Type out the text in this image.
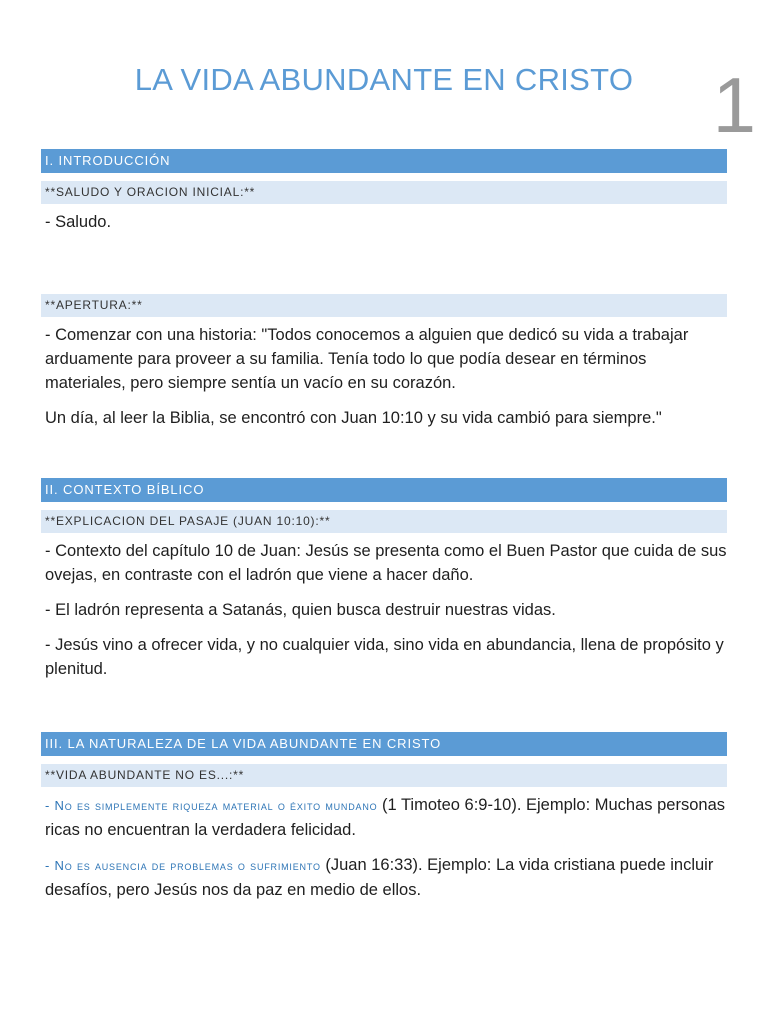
LA VIDA ABUNDANTE EN CRISTO	1
I. INTRODUCCIÓN
**SALUDO Y ORACION INICIAL:**

- Saludo.

**APERTURA:**

- Comenzar con una historia: "Todos conocemos a alguien que dedicó su vida a trabajar arduamente para proveer a su familia. Tenía todo lo que podía desear en términos materiales, pero siempre sentía un vacío en su corazón.

Un día, al leer la Biblia, se encontró con Juan 10:10 y su vida cambió para siempre."

II. CONTEXTO BÍBLICO
**EXPLICACION DEL PASAJE (JUAN 10:10):**

- Contexto del capítulo 10 de Juan: Jesús se presenta como el Buen Pastor que cuida de sus ovejas, en contraste con el ladrón que viene a hacer daño.

- El ladrón representa a Satanás, quien busca destruir nuestras vidas.

- Jesús vino a ofrecer vida, y no cualquier vida, sino vida en abundancia, llena de propósito y plenitud.

III. LA NATURALEZA DE LA VIDA ABUNDANTE EN CRISTO
**VIDA ABUNDANTE NO ES...:**

- No es simplemente riqueza material o éxito mundano (1 Timoteo 6:9-10). Ejemplo: Muchas personas ricas no encuentran la verdadera felicidad.

- No es ausencia de problemas o sufrimiento (Juan 16:33). Ejemplo: La vida cristiana puede incluir desafíos, pero Jesús nos da paz en medio de ellos.
